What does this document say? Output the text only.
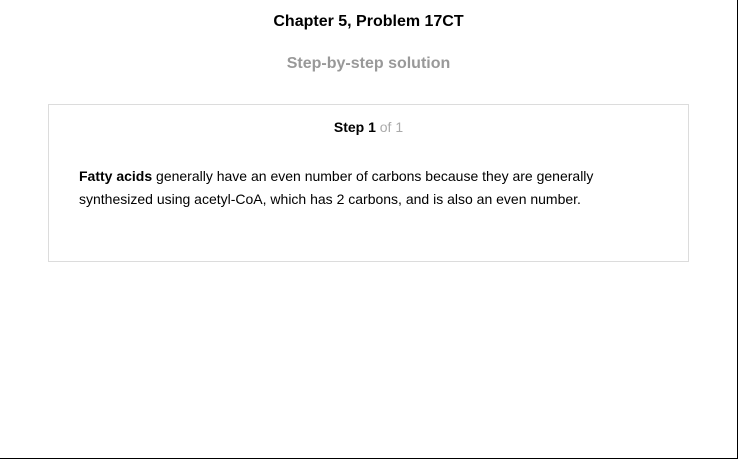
Chapter 5, Problem 17CT
Step-by-step solution
Step 1 of 1
Fatty acids generally have an even number of carbons because they are generally
synthesized using acetyl-CoA, which has 2 carbons, and is also an even number.
